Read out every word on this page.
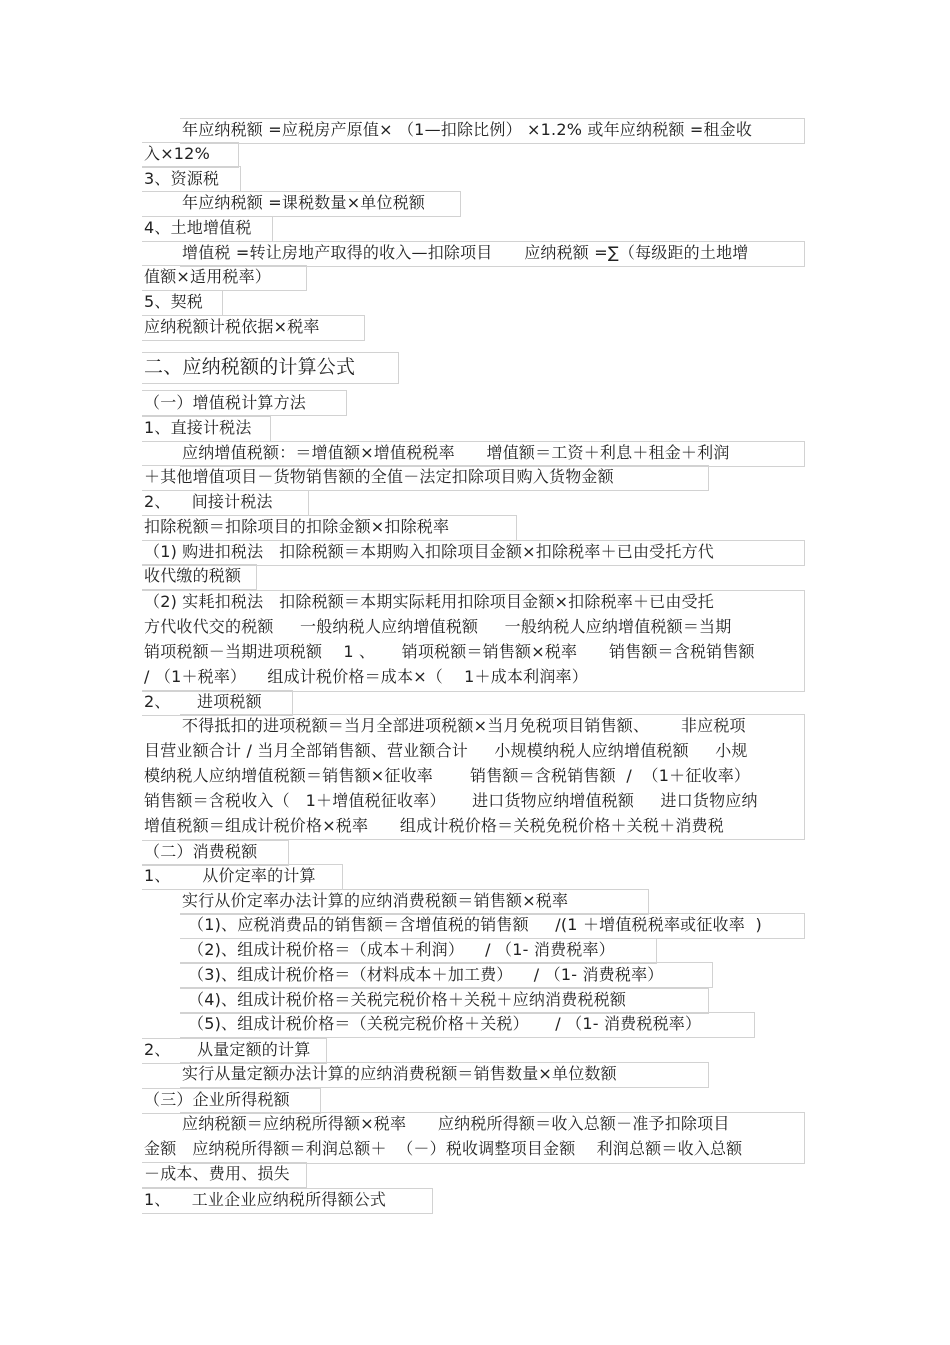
年应纳税额 =应税房产原值× （1—扣除比例） ×1.2% 或年应纳税额 =租金收
入×12%
3、资源税
年应纳税额 =课税数量×单位税额
4、土地增值税
增值税 =转让房地产取得的收入—扣除项目      应纳税额 =∑（每级距的土地增
值额×适用税率）
5、契税
应纳税额计税依据×税率
二、应纳税额的计算公式
（一）增值税计算方法
1、直接计税法
应纳增值税额：＝增值额×增值税税率      增值额＝工资＋利息＋租金＋利润
＋其他增值项目－货物销售额的全值－法定扣除项目购入货物金额
2、    间接计税法
扣除税额＝扣除项目的扣除金额×扣除税率
（1) 购进扣税法   扣除税额＝本期购入扣除项目金额×扣除税率＋已由受托方代
收代缴的税额
（2) 实耗扣税法   扣除税额＝本期实际耗用扣除项目金额×扣除税率＋已由受托
方代收代交的税额     一般纳税人应纳增值税额     一般纳税人应纳增值税额＝当期
销项税额－当期进项税额    1 、     销项税额＝销售额×税率      销售额＝含税销售额
/ （1＋税率）    组成计税价格＝成本×（    1＋成本利润率）
2、     进项税额
不得抵扣的进项税额＝当月全部进项税额×当月免税项目销售额、      非应税项
目营业额合计 / 当月全部销售额、营业额合计     小规模纳税人应纳增值税额     小规
模纳税人应纳增值税额＝销售额×征收率       销售额＝含税销售额  /  （1＋征收率）
销售额＝含税收入（   1＋增值税征收率）     进口货物应纳增值税额     进口货物应纳
增值税额＝组成计税价格×税率      组成计税价格＝关税免税价格＋关税＋消费税
（二）消费税额
1、      从价定率的计算
实行从价定率办法计算的应纳消费税额＝销售额×税率
（1)、应税消费品的销售额＝含增值税的销售额     /(1 ＋增值税税率或征收率  )
（2)、组成计税价格＝（成本＋利润）    / （1- 消费税率）
（3)、组成计税价格＝（材料成本＋加工费）    / （1- 消费税率）
（4)、组成计税价格＝关税完税价格＋关税＋应纳消费税税额
（5)、组成计税价格＝（关税完税价格＋关税）     / （1- 消费税税率）
2、     从量定额的计算
实行从量定额办法计算的应纳消费税额＝销售数量×单位数额
（三）企业所得税额
应纳税额＝应纳税所得额×税率      应纳税所得额＝收入总额－准予扣除项目
金额   应纳税所得额＝利润总额＋  （－）税收调整项目金额    利润总额＝收入总额
－成本、费用、损失
1、    工业企业应纳税所得额公式
